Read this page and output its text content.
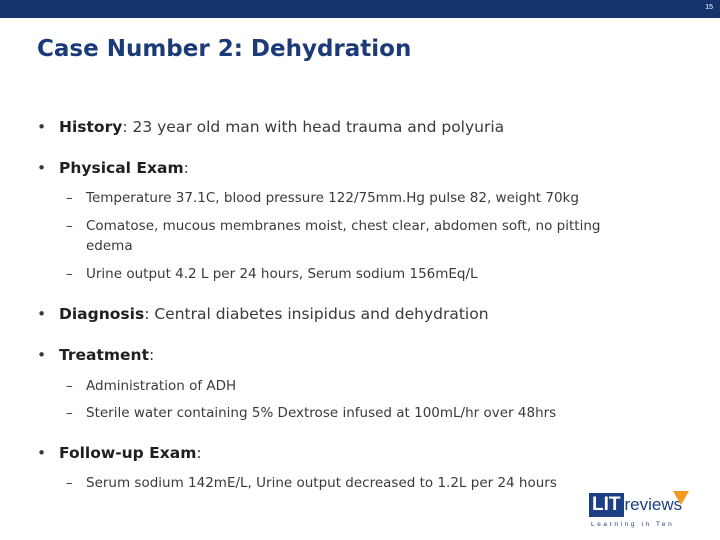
15
Case Number 2: Dehydration
• History: 23 year old man with head trauma and polyuria
• Physical Exam:
– Temperature 37.1C, blood pressure 122/75mm.Hg pulse 82, weight 70kg
– Comatose, mucous membranes moist, chest clear, abdomen soft, no pitting edema
– Urine output 4.2 L per 24 hours, Serum sodium 156mEq/L
• Diagnosis: Central diabetes insipidus and dehydration
• Treatment:
– Administration of ADH
– Sterile water containing 5% Dextrose infused at 100mL/hr over 48hrs
• Follow-up Exam:
– Serum sodium 142mE/L, Urine output decreased to 1.2L per 24 hours
LIT reviews
Learning in Ten
